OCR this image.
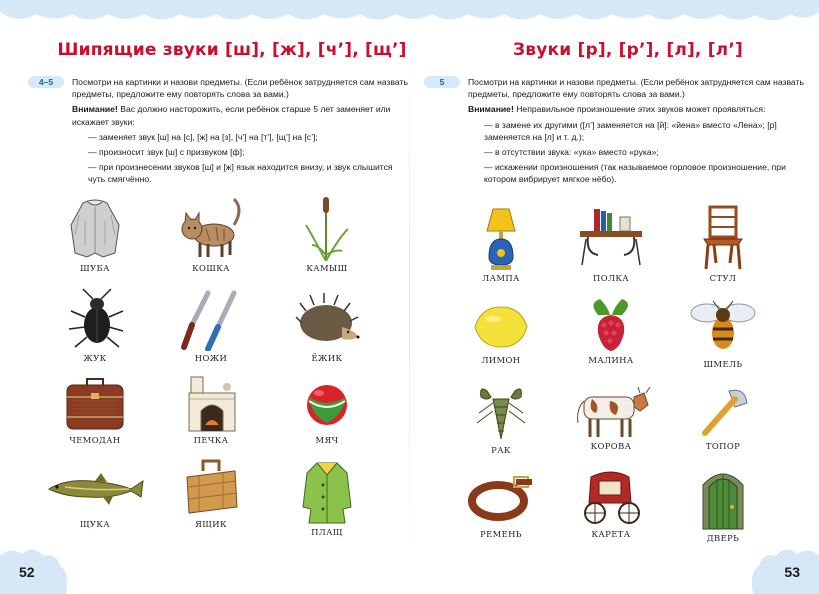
52	53
Шипящие звуки [ш], [ж], [ч’], [щ’]
4–5	Посмотри на картинки и назови предметы. (Если ребёнок затрудняется сам назвать предметы, предложите ему повторять слова за вами.)

Внимание! Вас должно насторожить, если ребёнок старше 5 лет заменяет или искажает звуки:

— заменяет звук [ш] на [с], [ж] на [з], [ч’] на [т’], [щ’] на [с’];
— произносит звук [ш] с призвуком [ф];
— при произнесении звуков [ш] и [ж] язык находится внизу, и звук слышится чуть смягчённо.
ШУБА	КОШКА	КАМЫШ
ЖУК	НОЖИ	ЁЖИК
ЧЕМОДАН	ПЕЧКА	МЯЧ
ЩУКА	ЯЩИК
ПЛАЩ
Звуки [р], [р’], [л], [л’]
5	Посмотри на картинки и назови предметы. (Если ребёнок затрудняется сам назвать предметы, предложите ему повторять слова за вами.)

Внимание! Неправильное произношение этих звуков может проявляться:

— в замене их другими ([л’] заменяется на [й]: «йена» вместо «Лена»; [р] заменяется на [л] и т. д.);
— в отсутствии звука: «ука» вместо «рука»;
— искажении произношения (так называемое горловое произношение, при котором вибрирует мягкое нёбо).
ЛАМПА	ПОЛКА	СТУЛ
ЛИМОН	МАЛИНА	ШМЕЛЬ
РАК	КОРОВА	ТОПОР
РЕМЕНЬ	КАРЕТА	ДВЕРЬ
